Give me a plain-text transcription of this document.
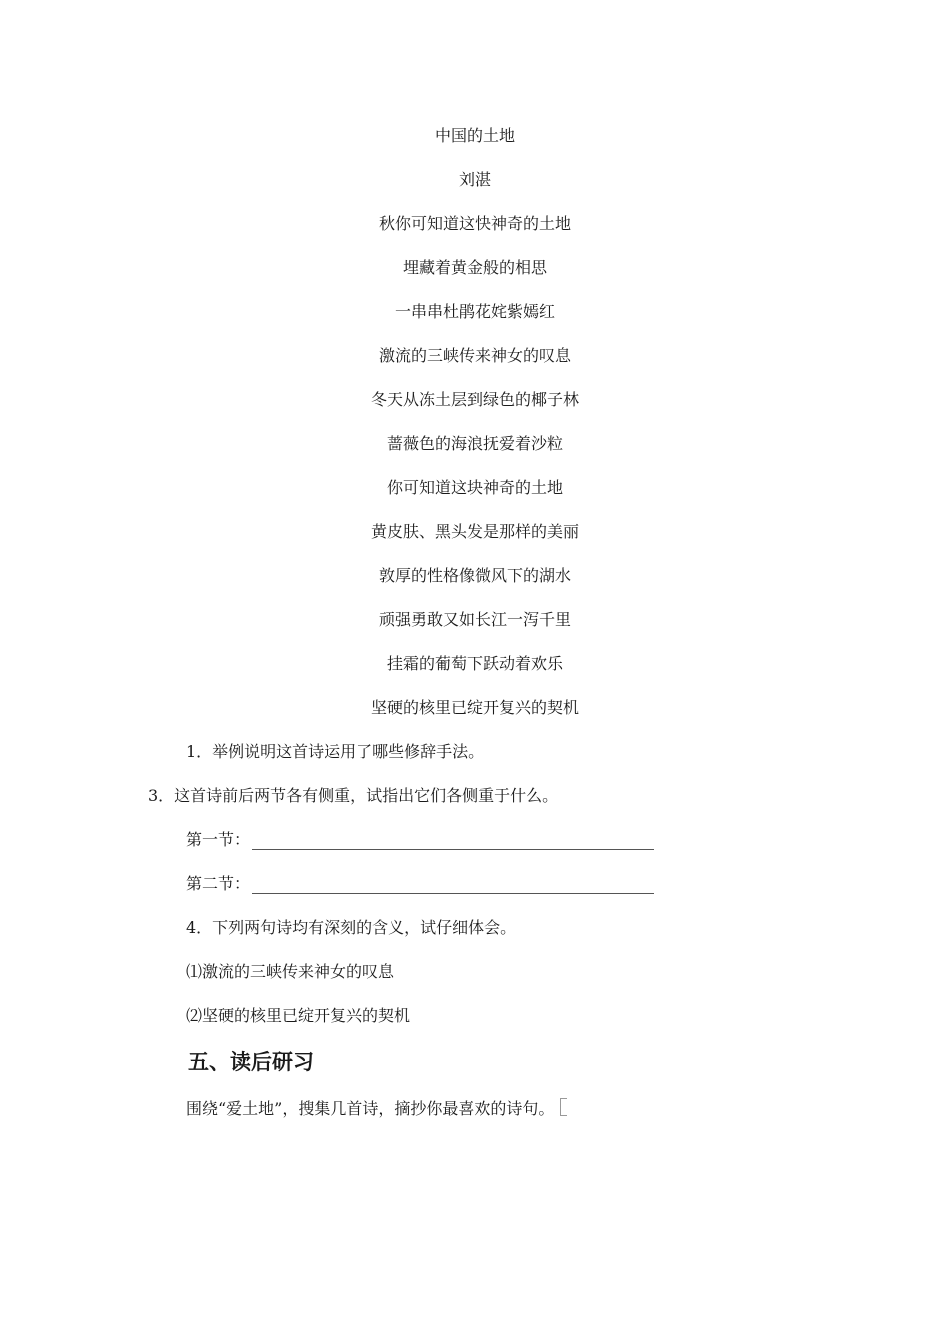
中国的土地
刘湛
秋你可知道这快神奇的土地
埋藏着黄金般的相思
一串串杜鹃花姹紫嫣红
激流的三峡传来神女的叹息
冬天从冻土层到绿色的椰子林
蔷薇色的海浪抚爱着沙粒
你可知道这块神奇的土地
黄皮肤、黑头发是那样的美丽
敦厚的性格像微风下的湖水
顽强勇敢又如长江一泻千里
挂霜的葡萄下跃动着欢乐
坚硬的核里已绽开复兴的契机
1．举例说明这首诗运用了哪些修辞手法。
3．这首诗前后两节各有侧重，试指出它们各侧重于什么。
第一节：
第二节：
4．下列两句诗均有深刻的含义，试仔细体会。
⑴激流的三峡传来神女的叹息
⑵坚硬的核里已绽开复兴的契机
五、读后研习
围绕“爱土地”，搜集几首诗，摘抄你最喜欢的诗句。
